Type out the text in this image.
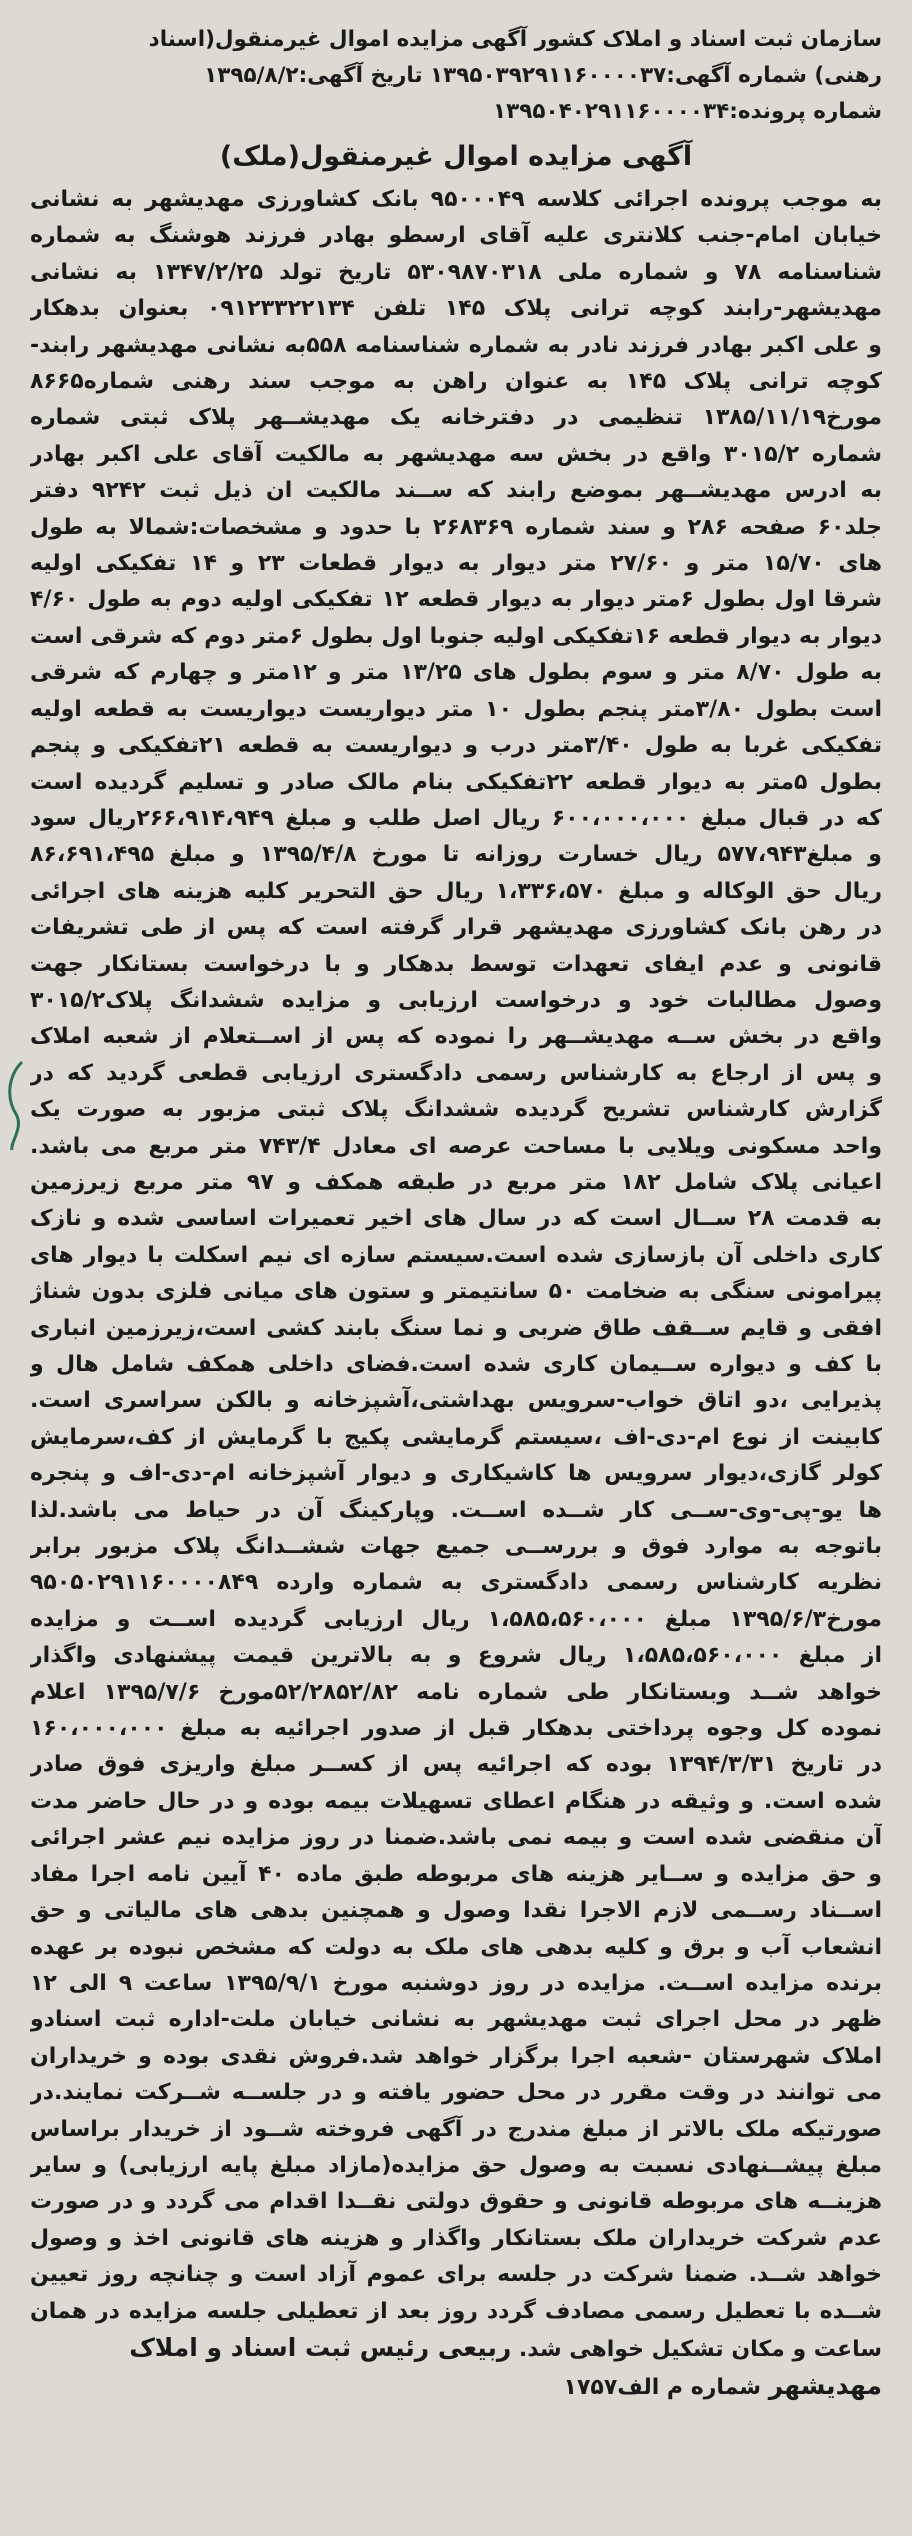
سازمان ثبت اسناد و املاک کشور آگهی مزایده اموال غیرمنقول(اسناد
رهنی) شماره آگهی:۱۳۹۵۰۳۹۲۹۱۱۶۰۰۰۰۳۷ تاریخ آگهی:۱۳۹۵/۸/۲
شماره پرونده:۱۳۹۵۰۴۰۲۹۱۱۶۰۰۰۰۳۴
آگهی مزایده اموال غیرمنقول(ملک)
به موجب پرونده اجرائی کلاسه ۹۵۰۰۰۴۹ بانک کشاورزی مهدیشهر به نشانی
خیابان امام-جنب کلانتری علیه آقای ارسطو بهادر فرزند هوشنگ به شماره
شناسنامه ۷۸ و شماره ملی ۵۳۰۹۸۷۰۳۱۸ تاریخ تولد ۱۳۴۷/۲/۲۵ به نشانی
مهدیشهر-رابند کوچه ترانی پلاک ۱۴۵ تلفن ۰۹۱۲۳۳۲۲۱۳۴ بعنوان بدهکار
و علی اکبر بهادر فرزند نادر به شماره شناسنامه ۵۵۸به نشانی مهدیشهر رابند-
کوچه ترانی پلاک ۱۴۵ به عنوان راهن به موجب سند رهنی شماره۸۶۶۵
مورخ۱۳۸۵/۱۱/۱۹ تنظیمی در دفترخانه یک مهدیشــهر پلاک ثبتی شماره
شماره ۳۰۱۵/۲ واقع در بخش سه مهدیشهر به مالکیت آقای علی اکبر بهادر
به ادرس مهدیشــهر بموضع رابند که ســند مالکیت ان ذیل ثبت ۹۲۴۲ دفتر
جلد۶۰ صفحه ۲۸۶ و سند شماره ۲۶۸۳۶۹ با حدود و مشخصات:شمالا به طول
های ۱۵/۷۰ متر و ۲۷/۶۰ متر دیوار به دیوار قطعات ۲۳ و ۱۴ تفکیکی اولیه
شرقا اول بطول ۶متر دیوار به دیوار قطعه ۱۲ تفکیکی اولیه دوم به طول ۴/۶۰
دیوار به دیوار قطعه ۱۶تفکیکی اولیه جنوبا اول بطول ۶متر دوم که شرقی است
به طول ۸/۷۰ متر و سوم بطول های ۱۳/۲۵ متر و ۱۲متر و چهارم که شرقی
است بطول ۳/۸۰متر پنجم بطول ۱۰ متر دیواریست دیواریست به قطعه اولیه
تفکیکی غربا به طول ۳/۴۰متر درب و دیواریست به قطعه ۲۱تفکیکی و پنجم
بطول ۵متر به دیوار قطعه ۲۲تفکیکی بنام مالک صادر و تسلیم گردیده است
که در قبال مبلغ ۶۰۰،۰۰۰،۰۰۰ ریال اصل طلب و مبلغ ۲۶۶،۹۱۴،۹۴۹ریال سود
و مبلغ۵۷۷،۹۴۳ ریال خسارت روزانه تا مورخ ۱۳۹۵/۴/۸ و مبلغ ۸۶،۶۹۱،۴۹۵
ریال حق الوکاله و مبلغ ۱،۳۳۶،۵۷۰ ریال حق التحریر کلیه هزینه های اجرائی
در رهن بانک کشاورزی مهدیشهر قرار گرفته است که پس از طی تشریفات
قانونی و عدم ایفای تعهدات توسط بدهکار و با درخواست بستانکار جهت
وصول مطالبات خود و درخواست ارزیابی و مزایده ششدانگ پلاک۳۰۱۵/۲
واقع در بخش ســه مهدیشــهر را نموده که پس از اســتعلام از شعبه املاک
و پس از ارجاع به کارشناس رسمی دادگستری ارزیابی قطعی گردید که در
گزارش کارشناس تشریح گردیده ششدانگ پلاک ثبتی مزبور به صورت یک
واحد مسکونی ویلایی با مساحت عرصه ای معادل ۷۴۳/۴ متر مربع می باشد.
اعیانی پلاک شامل ۱۸۲ متر مربع در طبقه همکف و ۹۷ متر مربع زیرزمین
به قدمت ۲۸ ســال است که در سال های اخیر تعمیرات اساسی شده و نازک
کاری داخلی آن بازسازی شده است.سیستم سازه ای نیم اسکلت با دیوار های
پیرامونی سنگی به ضخامت ۵۰ سانتیمتر و ستون های میانی فلزی بدون شناژ
افقی و قایم ســقف طاق ضربی و نما سنگ بابند کشی است،زیرزمین انباری
با کف و دیواره ســیمان کاری شده است.فضای داخلی همکف شامل هال و
پذیرایی ،دو اتاق خواب-سرویس بهداشتی،آشپزخانه و بالکن سراسری است.
کابینت از نوع ام-دی-اف ،سیستم گرمایشی پکیج با گرمایش از کف،سرمایش
کولر گازی،دیوار سرویس ها کاشیکاری و دیوار آشپزخانه ام-دی-اف و پنجره
ها یو-پی-وی-ســی کار شــده اســت. وپارکینگ آن در حیاط می باشد.لذا
باتوجه به موارد فوق و بررســی جمیع جهات ششــدانگ پلاک مزبور برابر
نظریه کارشناس رسمی دادگستری به شماره وارده ۹۵۰۵۰۲۹۱۱۶۰۰۰۰۸۴۹
مورخ۱۳۹۵/۶/۳ مبلغ ۱،۵۸۵،۵۶۰،۰۰۰ ریال ارزیابی گردیده اســت و مزایده
از مبلغ ۱،۵۸۵،۵۶۰،۰۰۰ ریال شروع و به بالاترین قیمت پیشنهادی واگذار
خواهد شــد وبستانکار طی شماره نامه ۵۲/۲۸۵۲/۸۲مورخ ۱۳۹۵/۷/۶ اعلام
نموده کل وجوه پرداختی بدهکار قبل از صدور اجرائیه به مبلغ ۱۶۰،۰۰۰،۰۰۰
در تاریخ ۱۳۹۴/۳/۳۱ بوده که اجرائیه پس از کســر مبلغ واریزی فوق صادر
شده است. و وثیقه در هنگام اعطای تسهیلات بیمه بوده و در حال حاضر مدت
آن منقضی شده است و بیمه نمی باشد.ضمنا در روز مزایده نیم عشر اجرائی
و حق مزایده و ســایر هزینه های مربوطه طبق ماده ۴۰ آیین نامه اجرا مفاد
اســناد رســمی لازم الاجرا نقدا وصول و همچنین بدهی های مالیاتی و حق
انشعاب آب و برق و کلیه بدهی های ملک به دولت که مشخص نبوده بر عهده
برنده مزایده اســت. مزایده در روز دوشنبه مورخ ۱۳۹۵/۹/۱ ساعت ۹ الی ۱۲
ظهر در محل اجرای ثبت مهدیشهر به نشانی خیابان ملت-اداره ثبت اسنادو
املاک شهرستان -شعبه اجرا برگزار خواهد شد.فروش نقدی بوده و خریداران
می توانند در وقت مقرر در محل حضور یافته و در جلســه شــرکت نمایند.در
صورتیکه ملک بالاتر از مبلغ مندرج در آگهی فروخته شــود از خریدار براساس
مبلغ پیشــنهادی نسبت به وصول حق مزایده(مازاد مبلغ پایه ارزیابی) و سایر
هزینــه های مربوطه قانونی و حقوق دولتی نقــدا اقدام می گردد و در صورت
عدم شرکت خریداران ملک بستانکار واگذار و هزینه های قانونی اخذ و وصول
خواهد شــد. ضمنا شرکت در جلسه برای عموم آزاد است و چنانچه روز تعیین
شــده با تعطیل رسمی مصادف گردد روز بعد از تعطیلی جلسه مزایده در همان
ساعت و مکان تشکیل خواهی شد. ربیعی رئیس ثبت اسناد و املاک
مهدیشهر شماره م الف۱۷۵۷
